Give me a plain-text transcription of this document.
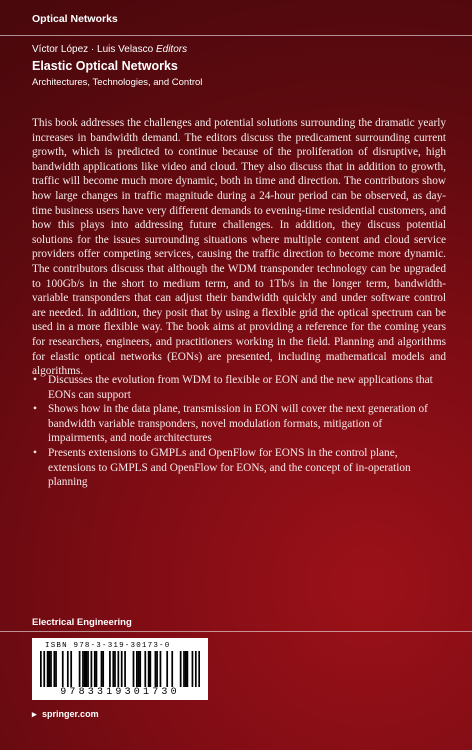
Optical Networks
Víctor López · Luis Velasco Editors
Elastic Optical Networks
Architectures, Technologies, and Control

This book addresses the challenges and potential solutions surrounding the dramatic yearly increases in bandwidth demand. The editors discuss the predicament surrounding current growth, which is predicted to continue because of the proliferation of disruptive, high bandwidth applications like video and cloud. They also discuss that in addition to growth, traffic will become much more dynamic, both in time and direction. The contributors show how large changes in traffic magnitude during a 24-hour period can be observed, as day-time business users have very different demands to evening-time residential customers, and how this plays into addressing future challenges. In addition, they discuss potential solutions for the issues surrounding situations where multiple content and cloud service providers offer competing services, causing the traffic direction to become more dynamic. The contributors discuss that although the WDM transponder technology can be upgraded to 100Gb/s in the short to medium term, and to 1Tb/s in the longer term, bandwidth-variable transponders that can adjust their bandwidth quickly and under software control are needed. In addition, they posit that by using a flexible grid the optical spectrum can be used in a more flexible way. The book aims at providing a reference for the coming years for researchers, engineers, and practitioners working in the field. Planning and algorithms for elastic optical networks (EONs) are presented, including mathematical models and algorithms.

• Discusses the evolution from WDM to flexible or EON and the new applications that EONs can support
• Shows how in the data plane, transmission in EON will cover the next generation of bandwidth variable transponders, novel modulation formats, mitigation of impairments, and node architectures
• Presents extensions to GMPLs and OpenFlow for EONS in the control plane, extensions to GMPLS and OpenFlow for EONs, and the concept of in-operation planning
Electrical Engineering
ISBN 978-3-319-30173-0
9783319301730
▸ springer.com
